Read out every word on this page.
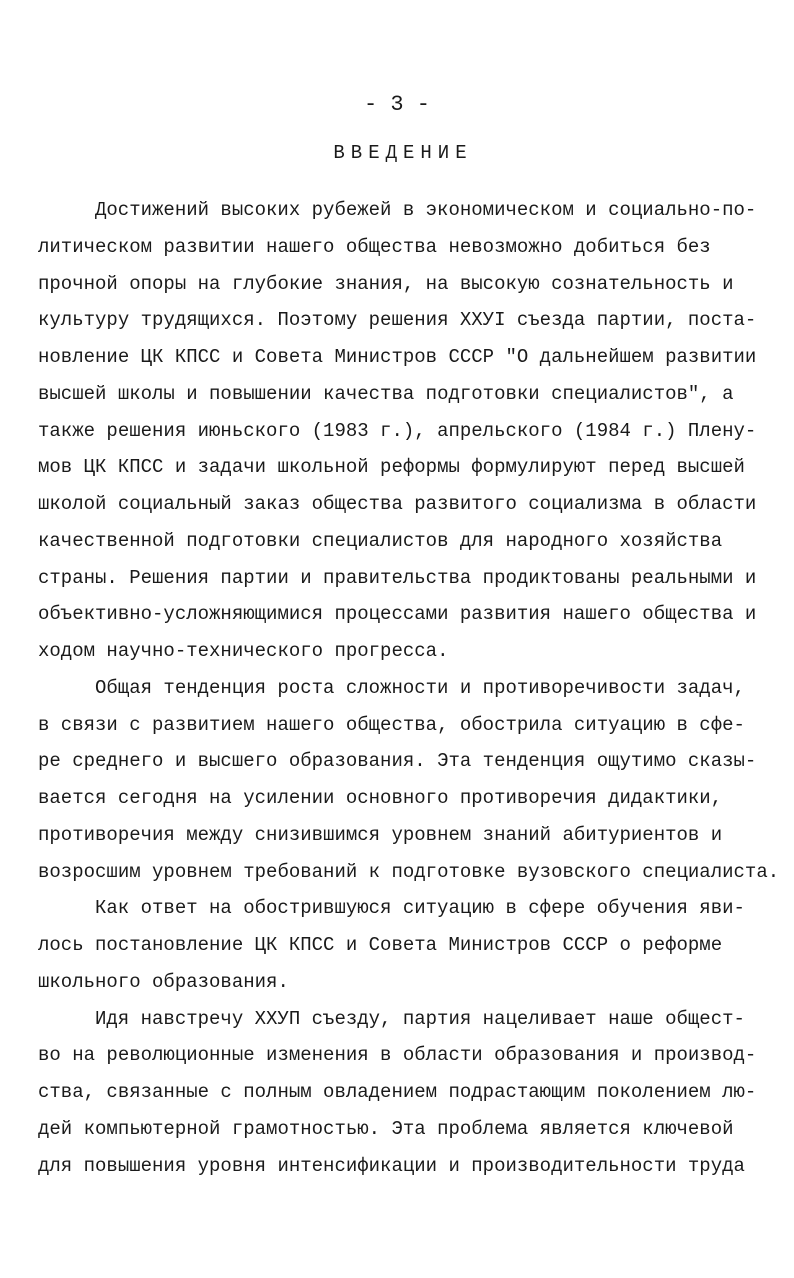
- 3 -
ВВЕДЕНИЕ
Достижений высоких рубежей в экономическом и социально-по-
литическом развитии нашего общества невозможно добиться без
прочной опоры на глубокие знания, на высокую сознательность и
культуру трудящихся. Поэтому решения XXУI съезда партии, поста-
новление ЦК КПСС и Совета Министров СССР "О дальнейшем развитии
высшей школы и повышении качества подготовки специалистов", а
также решения июньского (1983 г.), апрельского (1984 г.) Плену-
мов ЦК КПСС и задачи школьной реформы формулируют перед высшей
школой социальный заказ общества развитого социализма в области
качественной подготовки специалистов для народного хозяйства
страны. Решения партии и правительства продиктованы реальными и
объективно-усложняющимися процессами развития нашего общества и
ходом научно-технического прогресса.
Общая тенденция роста сложности и противоречивости задач,
в связи с развитием нашего общества, обострила ситуацию в сфе-
ре среднего и высшего образования. Эта тенденция ощутимо сказы-
вается сегодня на усилении основного противоречия дидактики,
противоречия между снизившимся уровнем знаний абитуриентов и
возросшим уровнем требований к подготовке вузовского специалиста.
Как ответ на обострившуюся ситуацию в сфере обучения яви-
лось постановление ЦК КПСС и Совета Министров СССР о реформе
школьного образования.
Идя навстречу XXУП съезду, партия нацеливает наше общест-
во на революционные изменения в области образования и производ-
ства, связанные с полным овладением подрастающим поколением лю-
дей компьютерной грамотностью. Эта проблема является ключевой
для повышения уровня интенсификации и производительности труда
